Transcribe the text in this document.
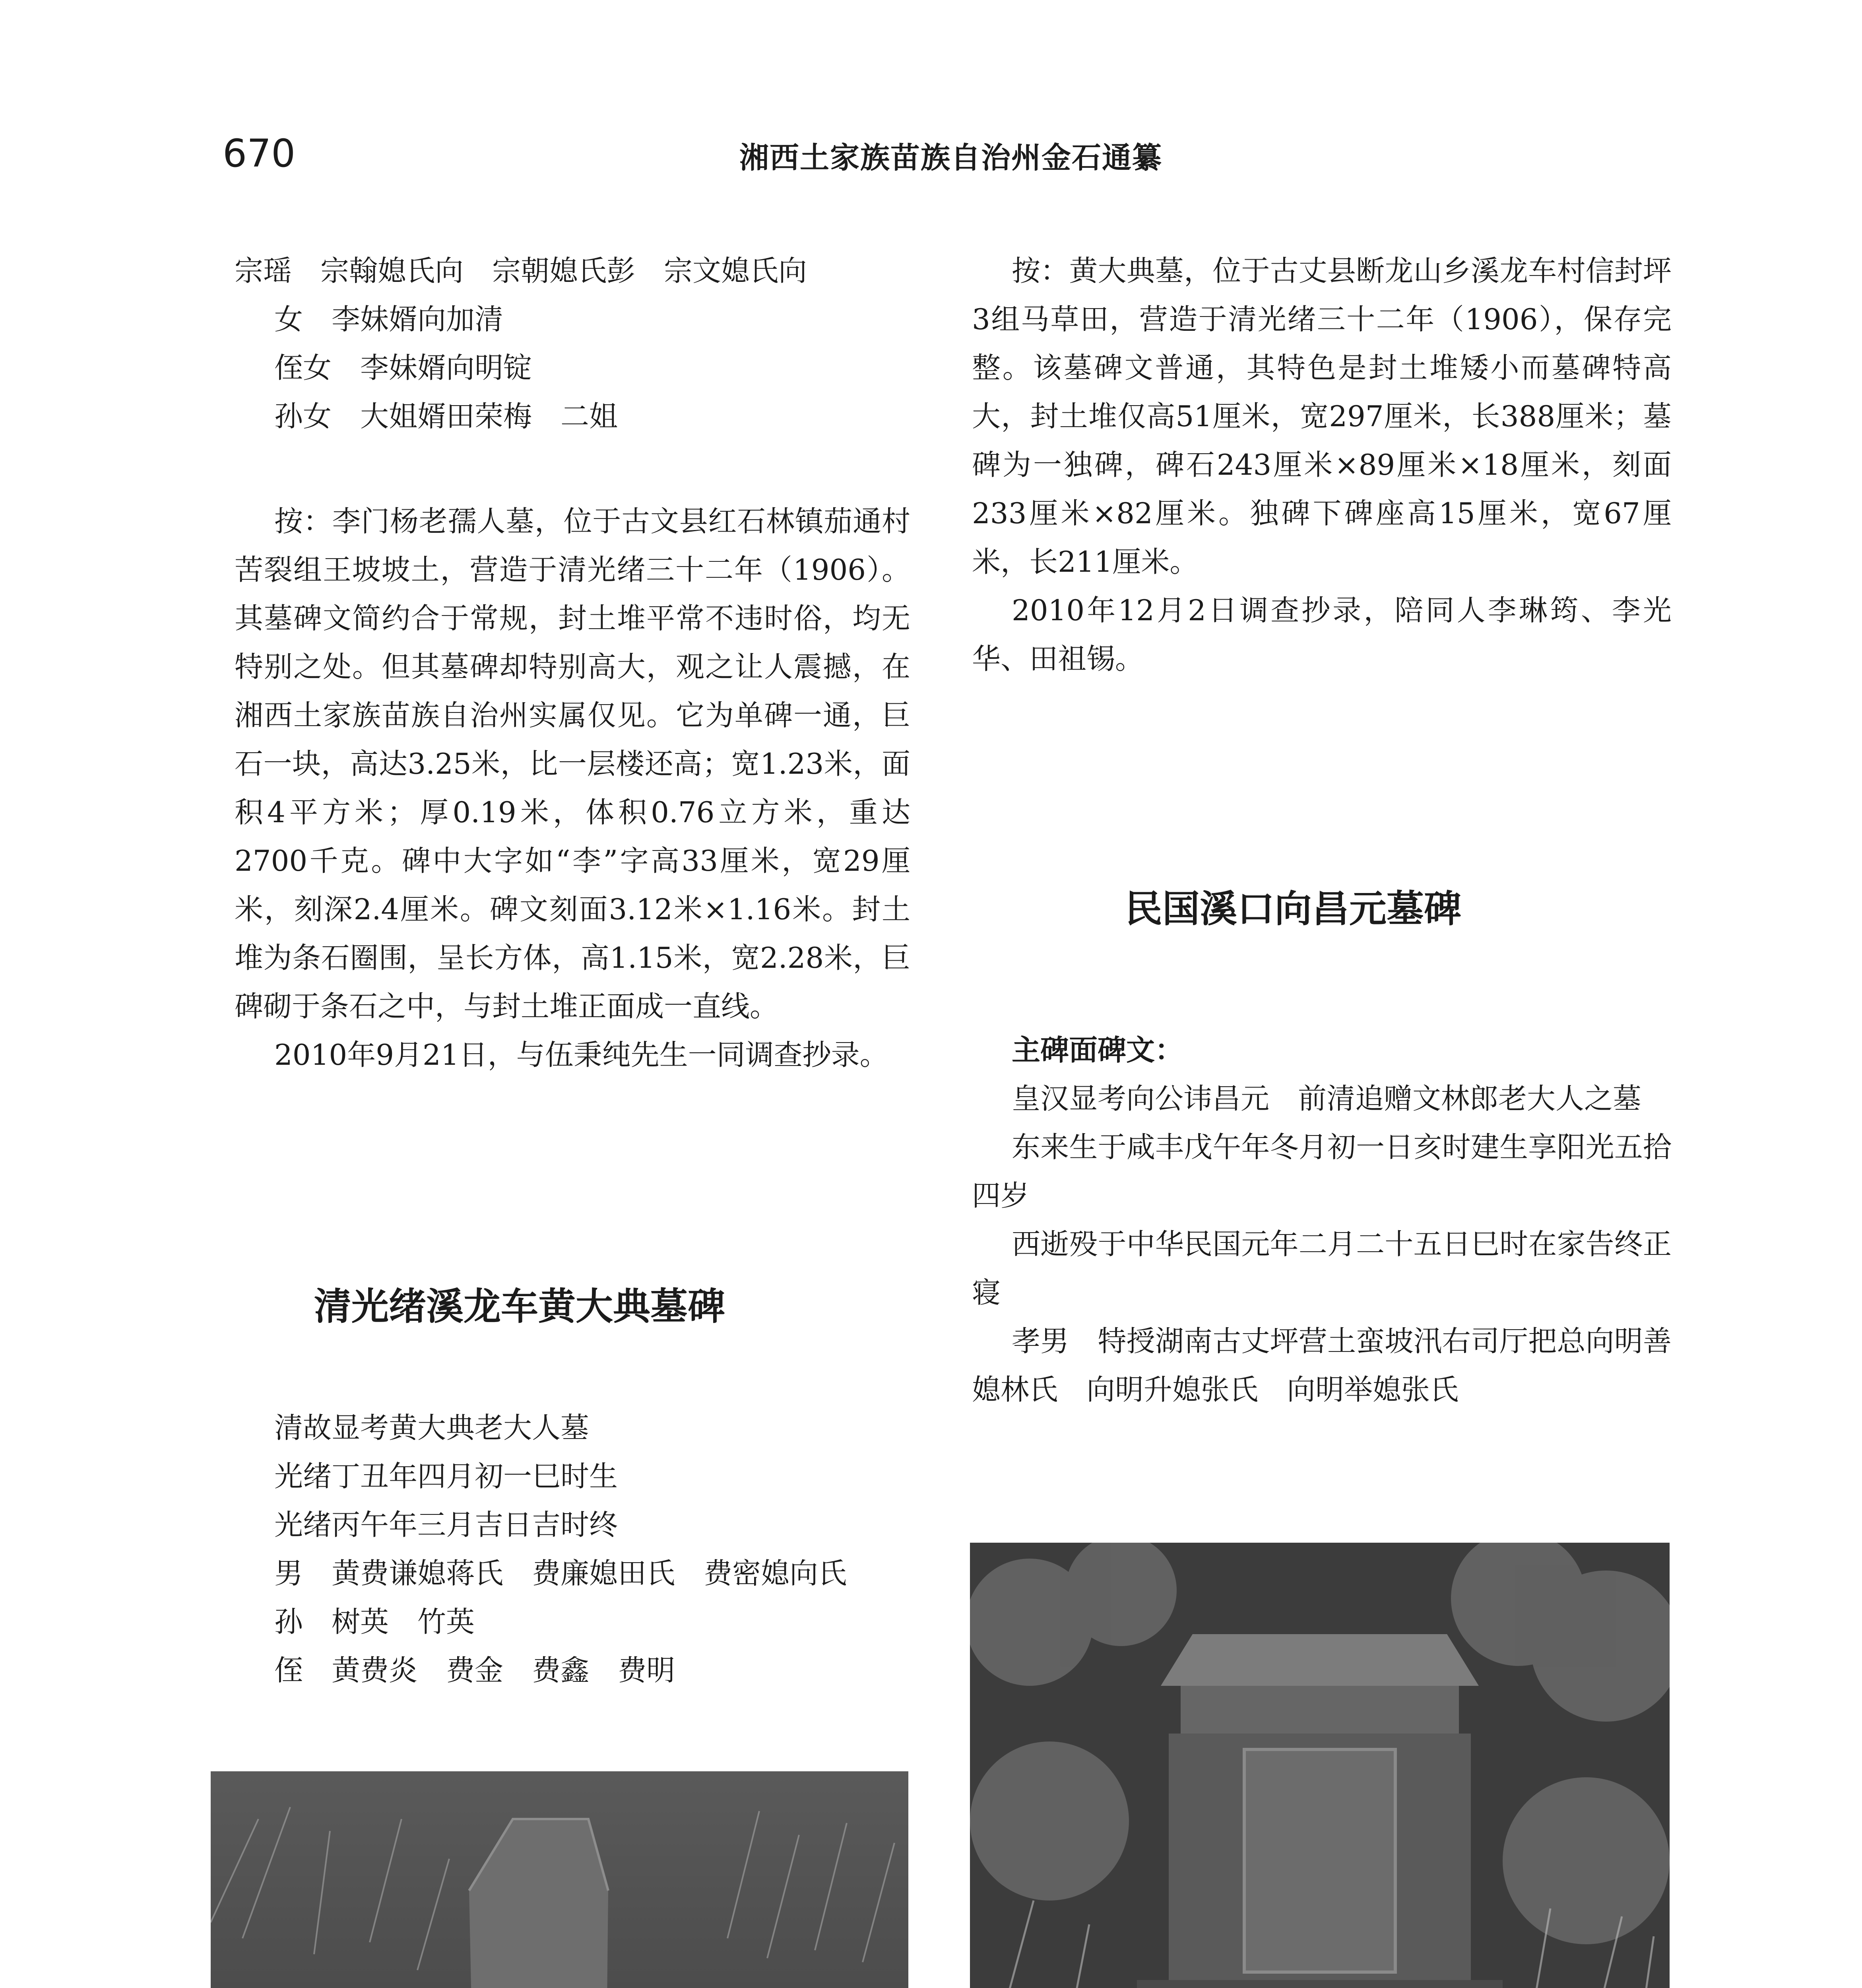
670	湘西土家族苗族自治州金石通纂

宗瑶 宗翰媳氏向 宗朝媳氏彭 宗文媳氏向

女 李妹婿向加清

侄女 李妹婿向明锭

孙女 大姐婿田荣梅 二姐

按：李门杨老孺人墓，位于古文县红石林镇茄通村苦裂组王坡坡土，营造于清光绪三十二年（1906）。其墓碑文简约合于常规，封土堆平常不违时俗，均无特别之处。但其墓碑却特别高大，观之让人震撼，在湘西土家族苗族自治州实属仅见。它为单碑一通，巨石一块，高达3.25米，比一层楼还高；宽1.23米，面积4平方米；厚0.19米，体积0.76立方米，重达2700千克。碑中大字如“李”字高33厘米，宽29厘米，刻深2.4厘米。碑文刻面3.12米×1.16米。封土堆为条石圈围，呈长方体，高1.15米，宽2.28米，巨碑砌于条石之中，与封土堆正面成一直线。

2010年9月21日，与伍秉纯先生一同调查抄录。

清光绪溪龙车黄大典墓碑

清故显考黄大典老大人墓

光绪丁丑年四月初一巳时生

光绪丙午年三月吉日吉时终

男 黄费谦媳蒋氏 费廉媳田氏 费密媳向氏

孙 树英 竹英

侄 黄费炎 费金 费鑫 费明

按：黄大典墓，位于古丈县断龙山乡溪龙车村信封坪3组马草田，营造于清光绪三十二年（1906），保存完整。该墓碑文普通，其特色是封土堆矮小而墓碑特高大，封土堆仅高51厘米，宽297厘米，长388厘米；墓碑为一独碑，碑石243厘米×89厘米×18厘米，刻面233厘米×82厘米。独碑下碑座高15厘米，宽67厘米，长211厘米。

2010年12月2日调查抄录，陪同人李琳筠、李光华、田祖锡。

民国溪口向昌元墓碑

主碑面碑文：

皇汉显考向公讳昌元　前清追赠文林郎老大人之墓

东来生于咸丰戊午年冬月初一日亥时建生享阳光五拾四岁

西逝殁于中华民国元年二月二十五日巳时在家告终正寝

孝男　特授湖南古丈坪营土蛮坡汛右司厅把总向明善媳林氏　向明升媳张氏　向明举媳张氏
